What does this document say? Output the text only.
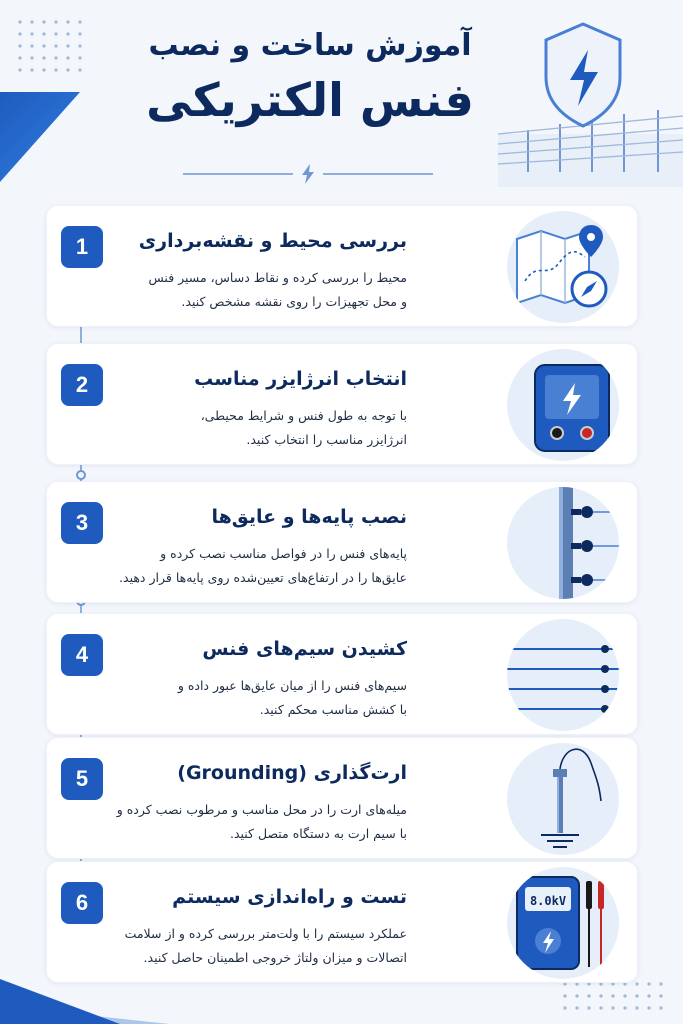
آموزش ساخت و نصب
فنس الکتریکی
1	بررسی محیط و نقشه‌برداری
محیط را بررسی کرده و نقاط دساس، مسیر فنس
و محل تجهیزات را روی نقشه مشخص کنید.
2	انتخاب انرژایزر مناسب
با توجه به طول فنس و شرایط محیطی،
انرژایزر مناسب را انتخاب کنید.
3	نصب پایه‌ها و عایق‌ها
پایه‌های فنس را در فواصل مناسب نصب کرده و
عایق‌ها را در ارتفاع‌های تعیین‌شده روی پایه‌ها قرار دهید.
4	کشیدن سیم‌های فنس
سیم‌های فنس را از میان عایق‌ها عبور داده و
با کشش مناسب محکم کنید.
5	ارت‌گذاری (Grounding)
میله‌های ارت را در محل مناسب و مرطوب نصب کرده و
با سیم ارت به دستگاه متصل کنید.
6	تست و راه‌اندازی سیستم
عملکرد سیستم را با ولت‌متر بررسی کرده و از سلامت
اتصالات و میزان ولتاژ خروجی اطمینان حاصل کنید.
8.0kV
